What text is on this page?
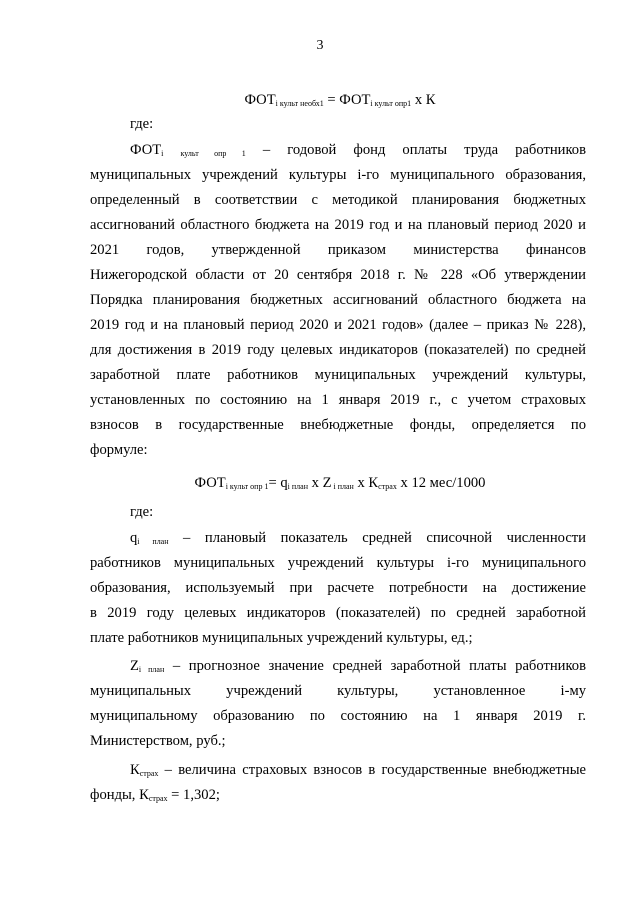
3
$ФОТ_{i культ необх1} = ФОТ_{i культ опр1}$ х К
где:
$ФОТ_i$ $_{культ опр 1}$ – годовой фонд оплаты труда работников
муниципальных учреждений культуры i-го муниципального образования,
определенный в соответствии с методикой планирования бюджетных
ассигнований областного бюджета на 2019 год и на плановый период 2020 и
2021 годов, утвержденной приказом министерства финансов
Нижегородской области от 20 сентября 2018 г. № 228 «Об утверждении
Порядка планирования бюджетных ассигнований областного бюджета на
2019 год и на плановый период 2020 и 2021 годов» (далее – приказ № 228),
для достижения в 2019 году целевых индикаторов (показателей) по средней
заработной плате работников муниципальных учреждений культуры,
установленных по состоянию на 1 января 2019 г., с учетом страховых
взносов в государственные внебюджетные фонды, определяется по
формуле:
$ФОТ_{i культ опр 1}= q_{i план}$ х Z $_{i план}$ х $К_{страх}$ х 12 мес/1000
где:
$q_{i план}$ – плановый показатель средней списочной численности
работников муниципальных учреждений культуры i-го муниципального
образования, используемый при расчете потребности на достижение
в 2019 году целевых индикаторов (показателей) по средней заработной
плате работников муниципальных учреждений культуры, ед.;
$Z_{i план}$ – прогнозное значение средней заработной платы работников
муниципальных учреждений культуры, установленное i-му
муниципальному образованию по состоянию на 1 января 2019 г.
Министерством, руб.;
$К_{страх}$ – величина страховых взносов в государственные внебюджетные
фонды, $К_{страх} = 1,302$;
